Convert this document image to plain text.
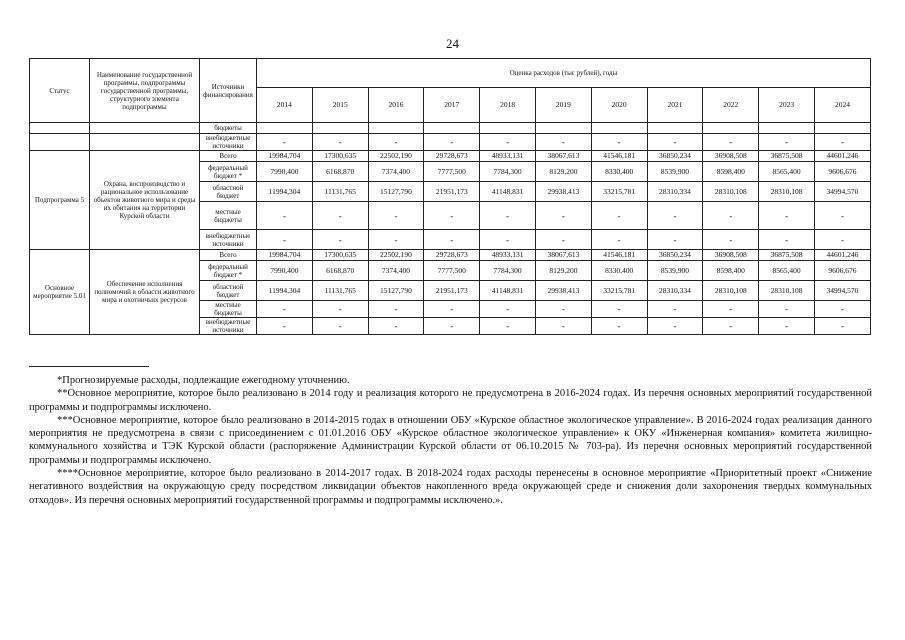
24
Статус	Наименование государственной программы, подпрограммы государственной программы, структурного элемента подпрограммы	Источники финансирования	Оценка расходов (тыс рублей), годы										
			2014	2015	2016	2017	2018	2019	2020	2021	2022	2023	2024
		бюджеты											
		внебюджетные источники	-	-	-	-	-	-	-	-	-	-	-
Подпрограмма 5	Охрана, воспроизводство и рациональное использование объектов животного мира и среды их обитания на территории Курской области	Всего	19984,704	17300,635	22502,190	29728,673	48933,131	38067,613	41546,181	36850,234	36908,508	36875,508	44601,246
		федеральный бюджет *	7990,400	6168,870	7374,400	7777,500	7784,300	8129,200	8330,400	8539,900	8598,400	8565,400	9606,676
		областной бюджет	11994,304	11131,765	15127,790	21951,173	41148,831	29938,413	33215,781	28310,334	28310,108	28310,108	34994,570
		местные бюджеты	-	-	-	-	-	-	-	-	-	-	-
		внебюджетные источники	-	-	-	-	-	-	-	-	-	-	-
Основное мероприятие 5.01	Обеспечение исполнения полномочий в области животного мира и охотничьих ресурсов	Всего	19984,704	17300,635	22502,190	29728,673	48933,131	38067,613	41546,181	36850,234	36908,508	36875,508	44601,246
		федеральный бюджет *	7990,400	6168,870	7374,400	7777,500	7784,300	8129,200	8330,400	8539,900	8598,400	8565,400	9606,676
		областной бюджет	11994,304	11131,765	15127,790	21951,173	41148,831	29938,413	33215,781	28310,334	28310,108	28310,108	34994,570
		местные бюджеты	-	-	-	-	-	-	-	-	-	-	-
		внебюджетные источники	-	-	-	-	-	-	-	-	-	-	-

*Прогнозируемые расходы, подлежащие ежегодному уточнению.

**Основное мероприятие, которое было реализовано в 2014 году и реализация которого не предусмотрена в 2016-2024 годах. Из перечня основных мероприятий государственной программы и подпрограммы исключено.

***Основное мероприятие, которое было реализовано в 2014-2015 годах в отношении ОБУ «Курское областное экологическое управление». В 2016-2024 годах реализация данного мероприятия не предусмотрена в связи с присоединением с 01.01.2016 ОБУ «Курское областное экологическое управление» к ОКУ «Инженерная компания» комитета жилищно-коммунального хозяйства и ТЭК Курской области (распоряжение Администрации Курской области от 06.10.2015 № 703-ра). Из перечня основных мероприятий государственной программы и подпрограммы исключено.

****Основное мероприятие, которое было реализовано в 2014-2017 годах. В 2018-2024 годах расходы перенесены в основное мероприятие «Приоритетный проект «Снижение негативного воздействия на окружающую среду посредством ликвидации объектов накопленного вреда окружающей среде и снижения доли захоронения твердых коммунальных отходов». Из перечня основных мероприятий государственной программы и подпрограммы исключено.».
